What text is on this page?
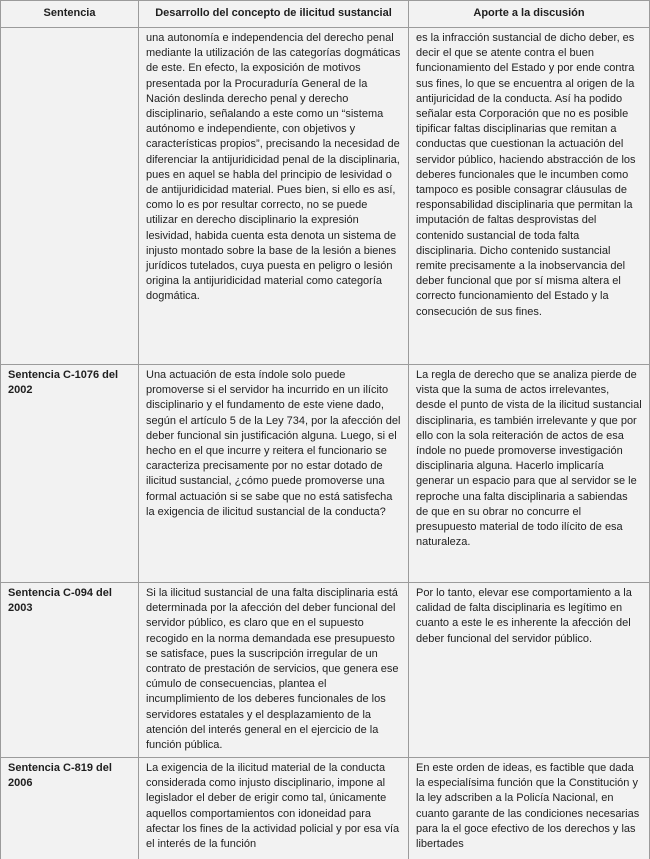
Sentencia	Desarrollo del concepto de ilicitud sustancial	Aporte a la discusión
	una autonomía e independencia del derecho penal mediante la utilización de las categorías dogmáticas de este. En efecto, la exposición de motivos presentada por la Procuraduría General de la Nación deslinda derecho penal y derecho disciplinario, señalando a este como un “sistema autónomo e independiente, con objetivos y características propios”, precisando la necesidad de diferenciar la antijuridicidad penal de la disciplinaria, pues en aquel se habla del principio de lesividad o de antijuridicidad material. Pues bien, si ello es así, como lo es por resultar correcto, no se puede utilizar en derecho disciplinario la expresión lesividad, habida cuenta esta denota un sistema de injusto montado sobre la base de la lesión a bienes jurídicos tutelados, cuya puesta en peligro o lesión origina la antijuridicidad material como categoría dogmática.	es la infracción sustancial de dicho deber, es decir el que se atente contra el buen funcionamiento del Estado y por ende contra sus fines, lo que se encuentra al origen de la antijuricidad de la conducta. Así ha podido señalar esta Corporación que no es posible tipificar faltas disciplinarias que remitan a conductas que cuestionan la actuación del servidor público, haciendo abstracción de los deberes funcionales que le incumben como tampoco es posible consagrar cláusulas de responsabilidad disciplinaria que permitan la imputación de faltas desprovistas del contenido sustancial de toda falta disciplinaria. Dicho contenido sustancial remite precisamente a la inobservancia del deber funcional que por sí misma altera el correcto funcionamiento del Estado y la consecución de sus fines.
Sentencia C-1076 del 2002	Una actuación de esta índole solo puede promoverse si el servidor ha incurrido en un ilícito disciplinario y el fundamento de este viene dado, según el artículo 5 de la Ley 734, por la afección del deber funcional sin justificación alguna. Luego, si el hecho en el que incurre y reitera el funcionario se caracteriza precisamente por no estar dotado de ilicitud sustancial, ¿cómo puede promoverse una formal actuación si se sabe que no está satisfecha la exigencia de ilicitud sustancial de la conducta?	La regla de derecho que se analiza pierde de vista que la suma de actos irrelevantes, desde el punto de vista de la ilicitud sustancial disciplinaria, es también irrelevante y que por ello con la sola reiteración de actos de esa índole no puede promoverse investigación disciplinaria alguna. Hacerlo implicaría generar un espacio para que al servidor se le reproche una falta disciplinaria a sabiendas de que en su obrar no concurre el presupuesto material de todo ilícito de esa naturaleza.
Sentencia C-094 del 2003	Si la ilicitud sustancial de una falta disciplinaria está determinada por la afección del deber funcional del servidor público, es claro que en el supuesto recogido en la norma demandada ese presupuesto se satisface, pues la suscripción irregular de un contrato de prestación de servicios, que genera ese cúmulo de consecuencias, plantea el incumplimiento de los deberes funcionales de los servidores estatales y el desplazamiento de la atención del interés general en el ejercicio de la función pública.	Por lo tanto, elevar ese comportamiento a la calidad de falta disciplinaria es legítimo en cuanto a este le es inherente la afección del deber funcional del servidor público.
Sentencia C-819 del 2006	La exigencia de la ilicitud material de la conducta considerada como injusto disciplinario, impone al legislador el deber de erigir como tal, únicamente aquellos comportamientos con idoneidad para afectar los fines de la actividad policial y por esa vía el interés de la función	En este orden de ideas, es factible que dada la especialísima función que la Constitución y la ley adscriben a la Policía Nacional, en cuanto garante de las condiciones necesarias para la el goce efectivo de los derechos y las libertades
